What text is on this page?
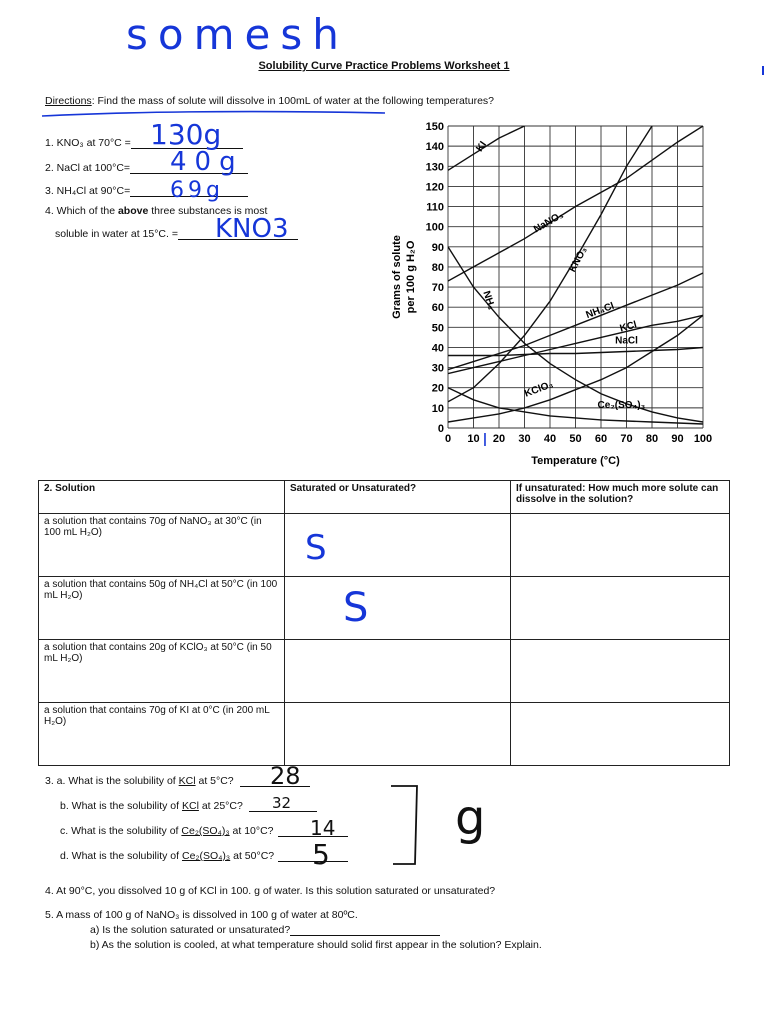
somesh
Solubility Curve Practice Problems Worksheet 1
Directions: Find the mass of solute will dissolve in 100mL of water at the following temperatures?
1. KNO₃ at 70°C =
2. NaCl at 100°C=
3. NH₄Cl at 90°C=
4. Which of the above three substances is most
soluble in water at 15°C. =
130g
40g
69g
KNO3
0 10 20 30 40 50 60 70 80 90 100
0
10
20
30
40
50
60
70
80
90
100
110
120
130
140
150
Temperature (°C)
Grams of solute per 100 g H₂O
KI
NaNO₃
KNO₃
NH₃	NH₄Cl
KCl
NaCl
KClO₃
Ce₂(SO₄)₃
2. Solution	Saturated or Unsaturated?	If unsaturated: How much more solute can dissolve in the solution?
a solution that contains 70g of NaNO₃ at 30°C (in 100 mL H₂O)	S	

a solution that contains 50g of NH₄Cl at 50°C (in 100 mL H₂O)	S	

a solution that contains 20g of KClO₃ at 50°C (in 50 mL H₂O)		
a solution that contains 70g of KI at 0°C (in 200 mL H₂O)		
3. a. What is the solubility of KCl at 5°C?
b. What is the solubility of KCl at 25°C?
c. What is the solubility of Ce₂(SO₄)₃ at 10°C?
d. What is the solubility of Ce₂(SO₄)₃ at 50°C?
28
32
14
5
g
4. At 90°C, you dissolved 10 g of KCl in 100. g of water. Is this solution saturated or unsaturated?
5. A mass of 100 g of NaNO₃ is dissolved in 100 g of water at 80ºC.
a) Is the solution saturated or unsaturated?
b) As the solution is cooled, at what temperature should solid first appear in the solution? Explain.
